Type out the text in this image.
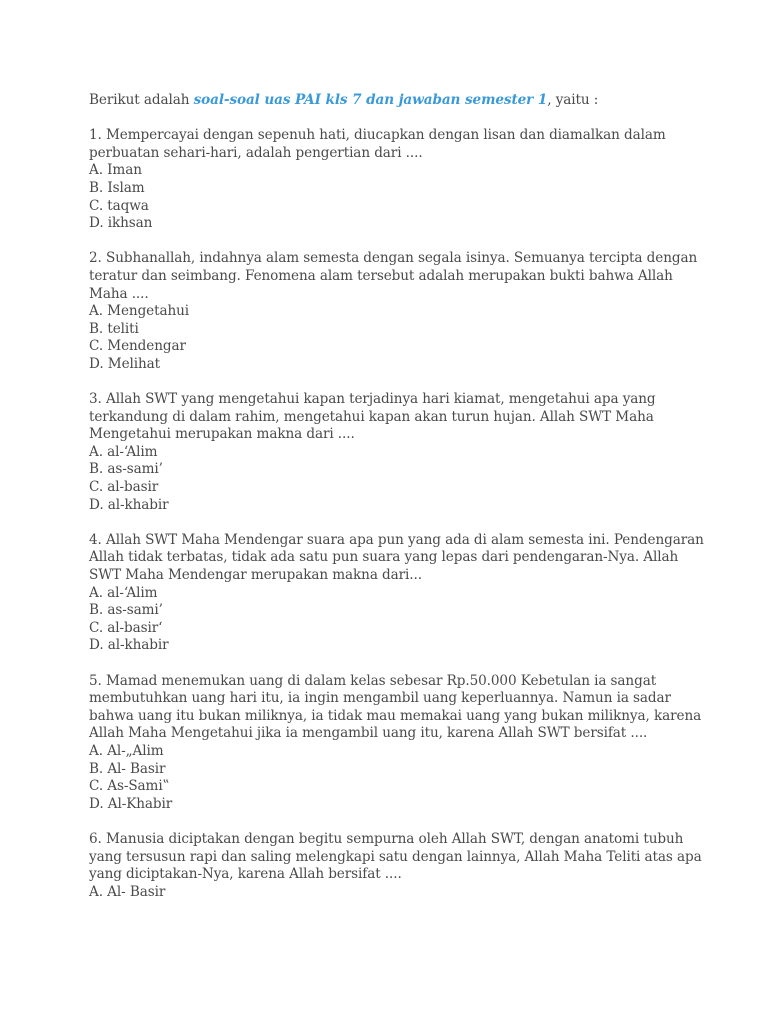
Berikut adalah soal-soal uas PAI kls 7 dan jawaban semester 1, yaitu :

1. Mempercayai dengan sepenuh hati, diucapkan dengan lisan dan diamalkan dalam perbuatan sehari-hari, adalah pengertian dari ....
A. Iman
B. Islam
C. taqwa
D. ikhsan
2. Subhanallah, indahnya alam semesta dengan segala isinya. Semuanya tercipta dengan teratur dan seimbang. Fenomena alam tersebut adalah merupakan bukti bahwa Allah Maha ....
A. Mengetahui
B. teliti
C. Mendengar
D. Melihat
3. Allah SWT yang mengetahui kapan terjadinya hari kiamat, mengetahui apa yang terkandung di dalam rahim, mengetahui kapan akan turun hujan. Allah SWT Maha Mengetahui merupakan makna dari ....
A. al-‘Alim
B. as-sami’
C. al-basir
D. al-khabir
4. Allah SWT Maha Mendengar suara apa pun yang ada di alam semesta ini. Pendengaran Allah tidak terbatas, tidak ada satu pun suara yang lepas dari pendengaran-Nya. Allah SWT Maha Mendengar merupakan makna dari...
A. al-‘Alim
B. as-sami’
C. al-basir‘
D. al-khabir
5. Mamad menemukan uang di dalam kelas sebesar Rp.50.000 Kebetulan ia sangat membutuhkan uang hari itu, ia ingin mengambil uang keperluannya. Namun ia sadar bahwa uang itu bukan miliknya, ia tidak mau memakai uang yang bukan miliknya, karena Allah Maha Mengetahui jika ia mengambil uang itu, karena Allah SWT bersifat ....
A. Al-„Alim
B. Al- Basir
C. As-Sami‟
D. Al-Khabir
6. Manusia diciptakan dengan begitu sempurna oleh Allah SWT, dengan anatomi tubuh yang tersusun rapi dan saling melengkapi satu dengan lainnya, Allah Maha Teliti atas apa yang diciptakan-Nya, karena Allah bersifat ....
A. Al- Basir
